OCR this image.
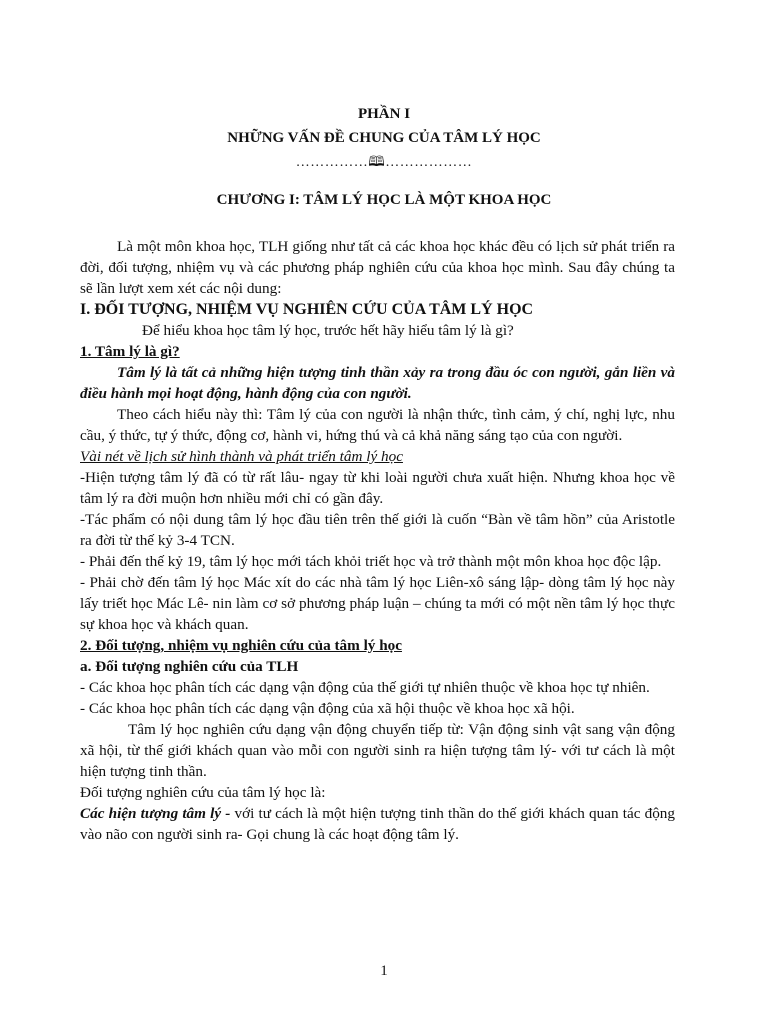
PHẦN I
NHỮNG VẤN ĐỀ CHUNG CỦA TÂM LÝ HỌC
……………🕮………………
CHƯƠNG I: TÂM LÝ HỌC LÀ MỘT KHOA HỌC

Là một môn khoa học, TLH giống như tất cả các khoa học khác đều có lịch sử phát triển ra đời, đối tượng, nhiệm vụ và các phương pháp nghiên cứu của khoa học mình. Sau đây chúng ta sẽ lần lượt xem xét các nội dung:

I. ĐỐI TƯỢNG, NHIỆM VỤ NGHIÊN CỨU CỦA TÂM LÝ HỌC

Để hiểu khoa học tâm lý học, trước hết hãy hiểu tâm lý là gì?

1. Tâm lý là gì?

Tâm lý là tất cả những hiện tượng tinh thần xảy ra trong đầu óc con người, gắn liền và điều hành mọi hoạt động, hành động của con người.

Theo cách hiểu này thì: Tâm lý của con người là nhận thức, tình cảm, ý chí, nghị lực, nhu cầu, ý thức, tự ý thức, động cơ, hành vi, hứng thú và cả khả năng sáng tạo của con người.

Vài nét về lịch sử hình thành và phát triển tâm lý học

-Hiện tượng tâm lý đã có từ rất lâu- ngay từ khi loài người chưa xuất hiện. Nhưng khoa học về tâm lý ra đời muộn hơn nhiều mới chỉ có gần đây.

-Tác phẩm có nội dung tâm lý học đầu tiên trên thế giới là cuốn “Bàn về tâm hồn” của Aristotle ra đời từ thế kỷ 3-4 TCN.

- Phải đến thế kỷ 19, tâm lý học mới tách khỏi triết học và trở thành một môn khoa học độc lập.

- Phải chờ đến tâm lý học Mác xít do các nhà tâm lý học Liên-xô sáng lập- dòng tâm lý học này lấy triết học Mác Lê- nin làm cơ sở phương pháp luận – chúng ta mới có một nền tâm lý học thực sự khoa học và khách quan.

2. Đối tượng, nhiệm vụ nghiên cứu của tâm lý học

a. Đối tượng nghiên cứu của TLH

- Các khoa học phân tích các dạng vận động của thế giới tự nhiên thuộc về khoa học tự nhiên.

- Các khoa học phân tích các dạng vận động của xã hội thuộc về khoa học xã hội.

Tâm lý học nghiên cứu dạng vận động chuyển tiếp từ: Vận động sinh vật sang vận động xã hội, từ thế giới khách quan vào mỗi con người sinh ra hiện tượng tâm lý- với tư cách là một hiện tượng tinh thần.

Đối tượng nghiên cứu của tâm lý học là:

Các hiện tượng tâm lý - với tư cách là một hiện tượng tinh thần do thế giới khách quan tác động vào não con người sinh ra- Gọi chung là các hoạt động tâm lý.

1
